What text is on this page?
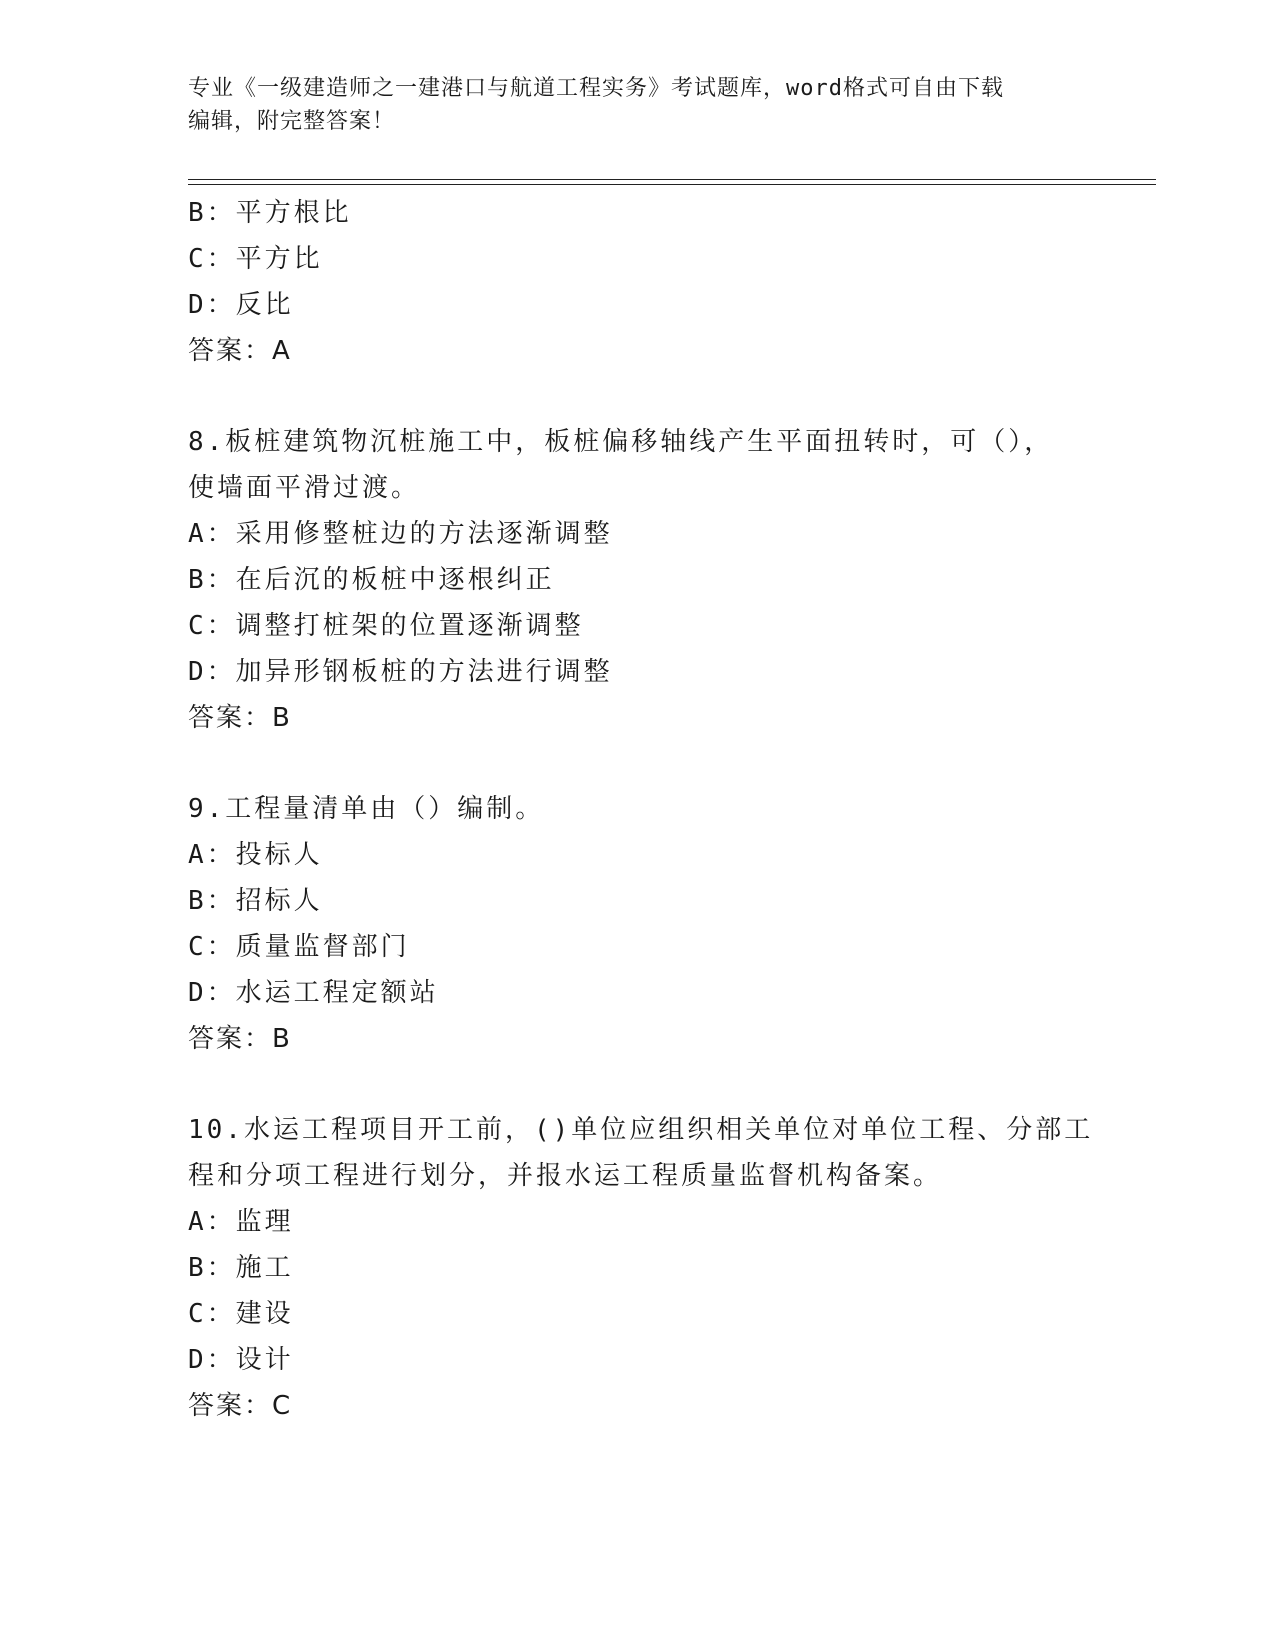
专业《一级建造师之一建港口与航道工程实务》考试题库，word格式可自由下载
编辑，附完整答案！
B：平方根比
C：平方比
D：反比
答案：A
8.板桩建筑物沉桩施工中，板桩偏移轴线产生平面扭转时，可（），
使墙面平滑过渡。
A：采用修整桩边的方法逐渐调整
B：在后沉的板桩中逐根纠正
C：调整打桩架的位置逐渐调整
D：加异形钢板桩的方法进行调整
答案：B
9.工程量清单由（）编制。
A：投标人
B：招标人
C：质量监督部门
D：水运工程定额站
答案：B
10.水运工程项目开工前，()单位应组织相关单位对单位工程、分部工
程和分项工程进行划分，并报水运工程质量监督机构备案。
A：监理
B：施工
C：建设
D：设计
答案：C
